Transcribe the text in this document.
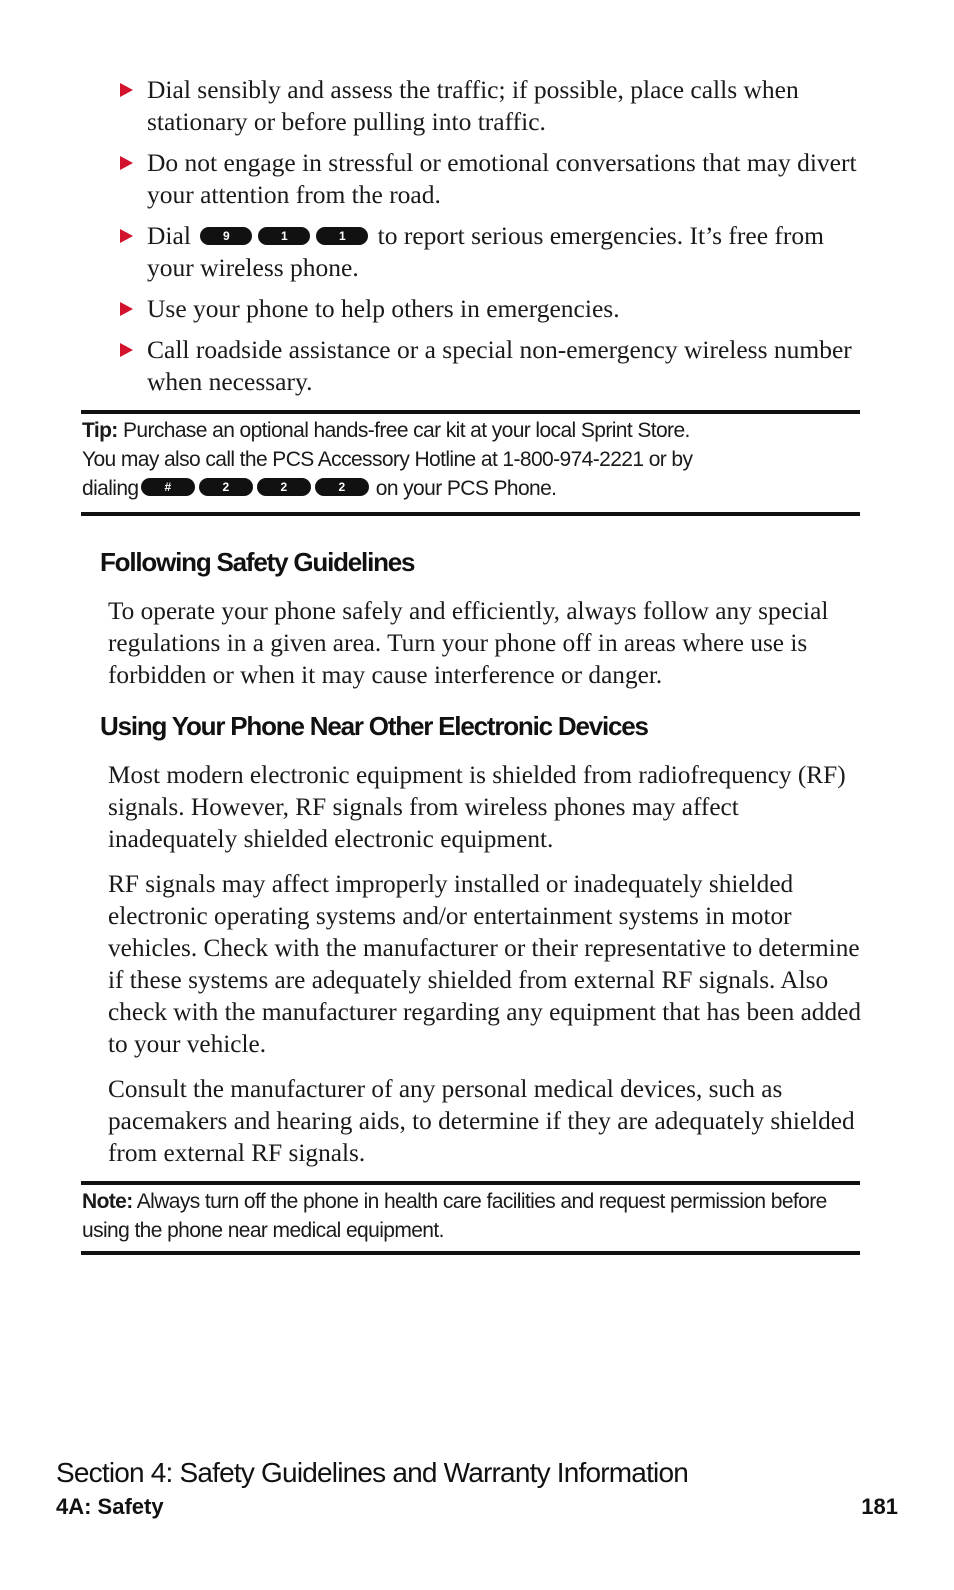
Dial sensibly and assess the traffic; if possible, place calls when stationary or before pulling into traffic.
Do not engage in stressful or emotional conversations that may divert your attention from the road.
Dial	9	1	1 to report serious emergencies. It’s free from your wireless phone.
Use your phone to help others in emergencies.
Call roadside assistance or a special non-emergency wireless number when necessary.
Tip: Purchase an optional hands-free car kit at your local Sprint Store.
You may also call the PCS Accessory Hotline at 1-800-974-2221 or by
dialing #	2	2	2 on your PCS Phone.
Following Safety Guidelines
To operate your phone safely and efficiently, always follow any special regulations in a given area. Turn your phone off in areas where use is forbidden or when it may cause interference or danger.
Using Your Phone Near Other Electronic Devices
Most modern electronic equipment is shielded from radiofrequency (RF) signals. However, RF signals from wireless phones may affect inadequately shielded electronic equipment.
RF signals may affect improperly installed or inadequately shielded electronic operating systems and/or entertainment systems in motor vehicles. Check with the manufacturer or their representative to determine if these systems are adequately shielded from external RF signals. Also check with the manufacturer regarding any equipment that has been added to your vehicle.
Consult the manufacturer of any personal medical devices, such as pacemakers and hearing aids, to determine if they are adequately shielded from external RF signals.
Note: Always turn off the phone in health care facilities and request permission before using the phone near medical equipment.
Section 4: Safety Guidelines and Warranty Information
4A: Safety	181
